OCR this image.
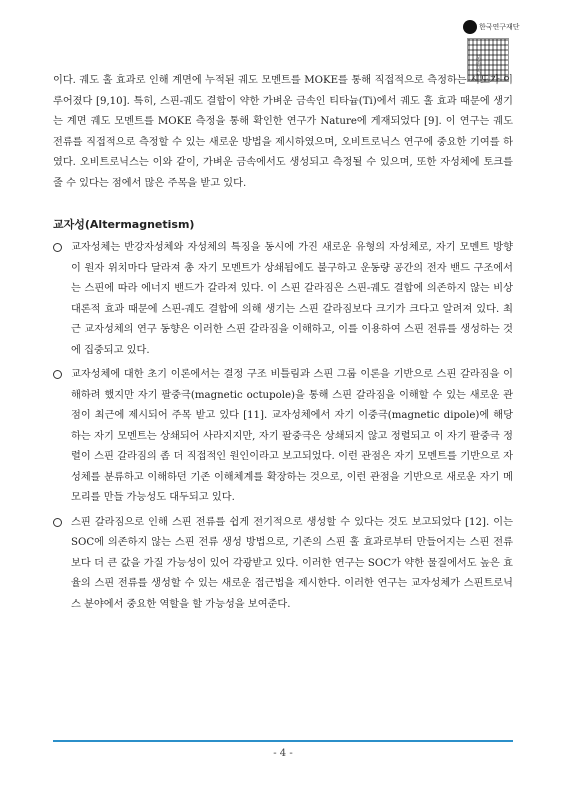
한국연구재단
보존문서

이다. 궤도 홀 효과로 인해 계면에 누적된 궤도 모멘트를 MOKE를 통해 직접적으로 측정하는 시도가 이루어졌다 [9,10]. 특히, 스핀-궤도 결합이 약한 가벼운 금속인 티타늄(Ti)에서 궤도 홀 효과 때문에 생기는 계면 궤도 모멘트를 MOKE 측정을 통해 확인한 연구가 Nature에 게재되었다 [9]. 이 연구는 궤도 전류를 직접적으로 측정할 수 있는 새로운 방법을 제시하였으며, 오비트로닉스 연구에 중요한 기여를 하였다. 오비트로닉스는 이와 같이, 가벼운 금속에서도 생성되고 측정될 수 있으며, 또한 자성체에 토크를 줄 수 있다는 점에서 많은 주목을 받고 있다.

교자성(Altermagnetism)

교자성체는 반강자성체와 자성체의 특징을 동시에 가진 새로운 유형의 자성체로, 자기 모멘트 방향이 원자 위치마다 달라져 총 자기 모멘트가 상쇄됨에도 불구하고 운동량 공간의 전자 밴드 구조에서는 스핀에 따라 에너지 밴드가 갈라져 있다. 이 스핀 갈라짐은 스핀-궤도 결합에 의존하지 않는 비상대론적 효과 때문에 스핀-궤도 결합에 의해 생기는 스핀 갈라짐보다 크기가 크다고 알려져 있다. 최근 교자성체의 연구 동향은 이러한 스핀 갈라짐을 이해하고, 이를 이용하여 스핀 전류를 생성하는 것에 집중되고 있다.

교자성체에 대한 초기 이론에서는 결정 구조 비틀림과 스핀 그룹 이론을 기반으로 스핀 갈라짐을 이해하려 했지만 자기 팔중극(magnetic octupole)을 통해 스핀 갈라짐을 이해할 수 있는 새로운 관점이 최근에 제시되어 주목 받고 있다 [11]. 교자성체에서 자기 이중극(magnetic dipole)에 해당하는 자기 모멘트는 상쇄되어 사라지지만, 자기 팔중극은 상쇄되지 않고 정렬되고 이 자기 팔중극 정렬이 스핀 갈라짐의 좀 더 직접적인 원인이라고 보고되었다. 이런 관점은 자기 모멘트를 기반으로 자성체를 분류하고 이해하던 기존 이해체계를 확장하는 것으로, 이런 관점을 기반으로 새로운 자기 메모리를 만들 가능성도 대두되고 있다.

스핀 갈라짐으로 인해 스핀 전류를 쉽게 전기적으로 생성할 수 있다는 것도 보고되었다 [12]. 이는 SOC에 의존하지 않는 스핀 전류 생성 방법으로, 기존의 스핀 홀 효과로부터 만들어지는 스핀 전류보다 더 큰 값을 가질 가능성이 있어 각광받고 있다. 이러한 연구는 SOC가 약한 물질에서도 높은 효율의 스핀 전류를 생성할 수 있는 새로운 접근법을 제시한다. 이러한 연구는 교자성체가 스핀트로닉스 분야에서 중요한 역할을 할 가능성을 보여준다.

- 4 -
